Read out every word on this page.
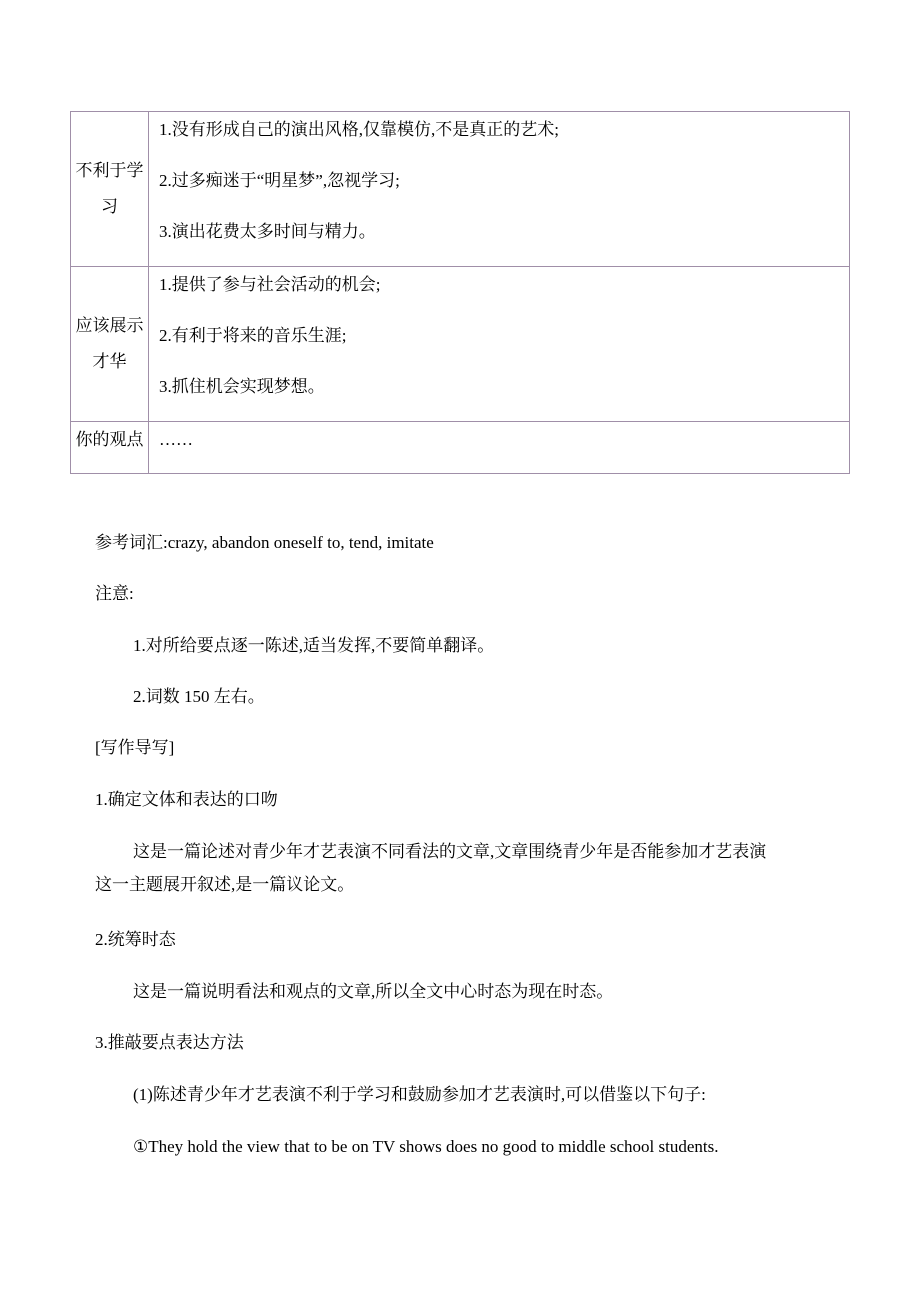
不利于学习	1.没有形成自己的演出风格,仅靠模仿,不是真正的艺术;
2.过多痴迷于“明星梦”,忽视学习;
3.演出花费太多时间与精力。

应该展示才华	1.提供了参与社会活动的机会;
2.有利于将来的音乐生涯;
3.抓住机会实现梦想。

你的观点	……
参考词汇:crazy, abandon oneself to, tend, imitate
注意:
1.对所给要点逐一陈述,适当发挥,不要简单翻译。
2.词数 150 左右。
[写作导写]
1.确定文体和表达的口吻
这是一篇论述对青少年才艺表演不同看法的文章,文章围绕青少年是否能参加才艺表演
这一主题展开叙述,是一篇议论文。
2.统筹时态
这是一篇说明看法和观点的文章,所以全文中心时态为现在时态。
3.推敲要点表达方法
(1)陈述青少年才艺表演不利于学习和鼓励参加才艺表演时,可以借鉴以下句子:
①They hold the view that to be on TV shows does no good to middle school students.
